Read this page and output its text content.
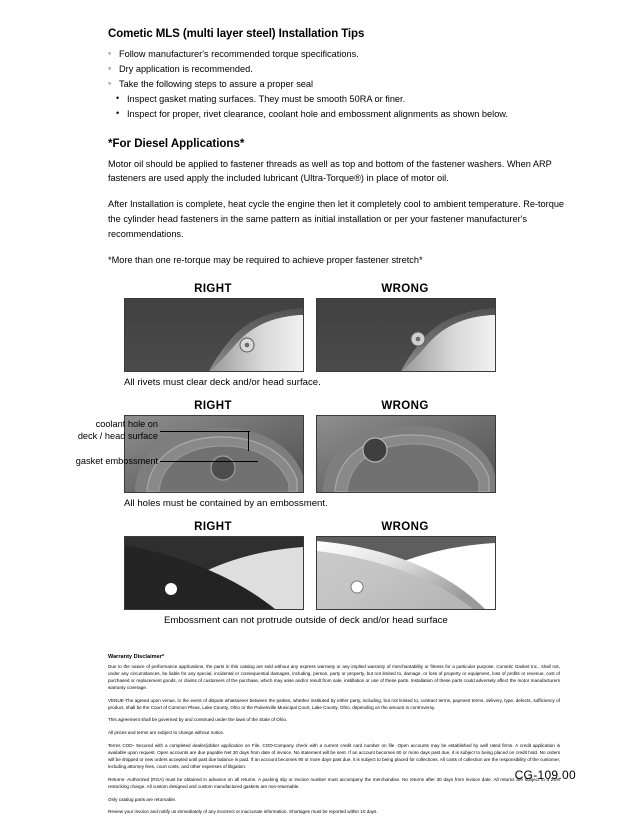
Cometic MLS (multi layer steel) Installation Tips
◦ Follow manufacturer's recommended torque specifications.
◦ Dry application is recommended.
◦ Take the following steps to assure a proper seal
• Inspect gasket mating surfaces. They must be smooth 50RA or finer.
• Inspect for proper, rivet clearance, coolant hole and embossment alignments as shown below.
*For Diesel Applications*

Motor oil should be applied to fastener threads as well as top and bottom of the fastener washers. When ARP fasteners are used apply the included lubricant (Ultra-Torque®) in place of motor oil.

After Installation is complete, heat cycle the engine then let it completely cool to ambient temperature. Re-torque the cylinder head fasteners in the same pattern as initial installation or per your fastener manufacturer's recommendations.

*More than one re-torque may be required to achieve proper fastener stretch*

RIGHT	WRONG
All rivets must clear deck and/or head surface.
RIGHT	WRONG
coolant hole on
deck / head surface
gasket embossment
All holes must be contained by an embossment.
RIGHT	WRONG
Embossment can not protrude outside of deck and/or head surface
Warranty Disclaimer*

Due to the nature of performance applications, the parts in this catalog are sold without any express warranty or any implied warranty of merchantability or fitness for a particular purpose. Cometic Gasket Inc., shall not, under any circumstances, be liable for any special, incidental or consequential damages, including, person, party or property, but not limited to, damage, or loss of property or equipment, loss of profits or revenue, cost of purchased or replacement goods, or claims of customers of the purchase, which may arise and/or result from sale, instillation or use of these parts. Installation of these parts could adversely affect the motor manufacturers warranty coverage.

VENUE-The agreed upon venue, in the event of dispute whatsoever between the parties, whether instituted by either party, including, but not limited to, contract terms, payment terms, delivery, type, defects, sufficiency of product, shall be the Court of Common Pleas, Lake County, Ohio or the Painesville Municipal Court, Lake County, Ohio, depending on the amount in controversy.

This agreement shall be governed by and construed under the laws of the State of Ohio.

All prices and terms are subject to change without notice.

Terms COD- Secured with a completed dealer/jobber application on File, COD-Company check with a current credit card number on file. Open accounts may be established by well rated firms. A credit application is available upon request. Open accounts are due payable Net 30 days from date of invoice. No statement will be sent. If an account becomes 60 or more days past due, it is subject to being placed on credit hold. No orders will be shipped or new orders accepted until past due balance is paid. If an account becomes 90 or more days past due, it is subject to being placed for collections. All costs of collection are the responsibility of the customer, including attorney fees, court costs, and other expenses of litigation.

Returns- Authorized (RGA) must be obtained in advance on all returns. A packing slip or invoice number must accompany the merchandise. No returns after 30 days from invoice date. All returns are subject to a 25% restocking charge. All custom designed and custom manufactured gaskets are non-returnable.

Only catalog parts are returnable.

Review your invoice and notify us immediately of any incorrect or inaccurate information. Shortages must be reported within 10 days.

CG-109.00
